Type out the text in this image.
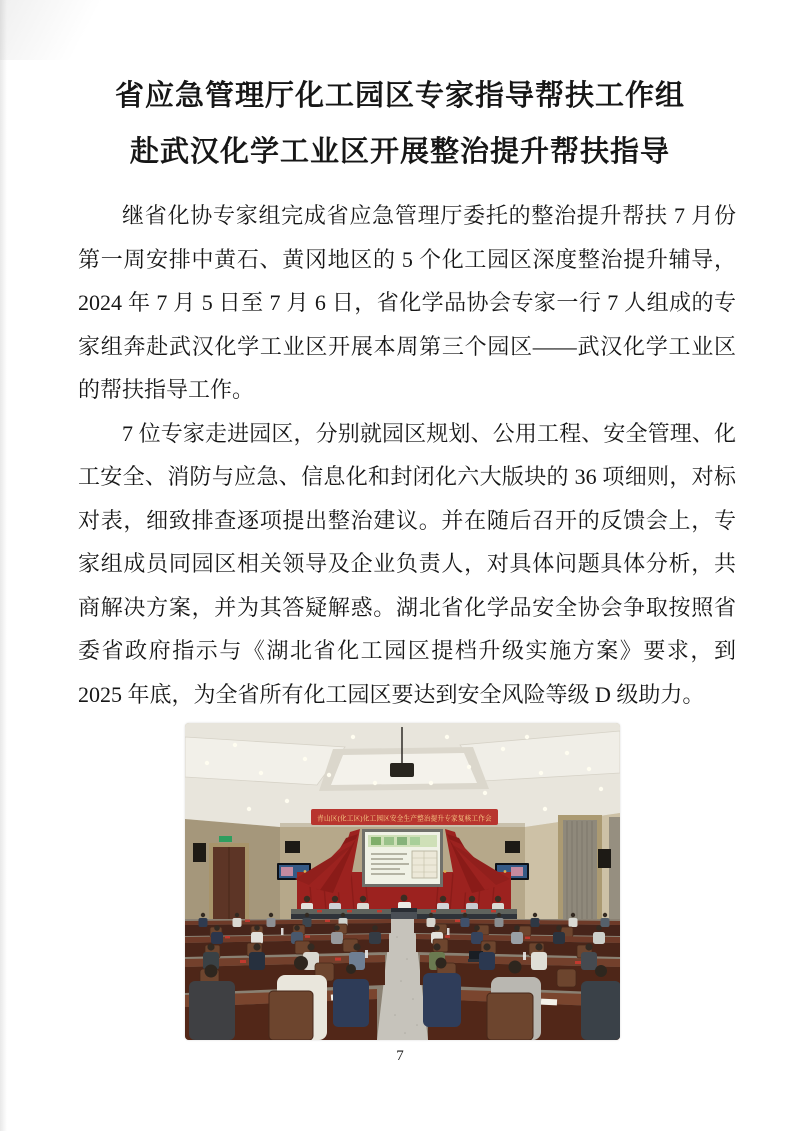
省应急管理厅化工园区专家指导帮扶工作组
赴武汉化学工业区开展整治提升帮扶指导

继省化协专家组完成省应急管理厅委托的整治提升帮扶 7 月份第一周安排中黄石、黄冈地区的 5 个化工园区深度整治提升辅导，2024 年 7 月 5 日至 7 月 6 日，省化学品协会专家一行 7 人组成的专家组奔赴武汉化学工业区开展本周第三个园区——武汉化学工业区的帮扶指导工作。

7 位专家走进园区，分别就园区规划、公用工程、安全管理、化工安全、消防与应急、信息化和封闭化六大版块的 36 项细则，对标对表，细致排查逐项提出整治建议。并在随后召开的反馈会上，专家组成员同园区相关领导及企业负责人，对具体问题具体分析，共商解决方案，并为其答疑解惑。湖北省化学品安全协会争取按照省委省政府指示与《湖北省化工园区提档升级实施方案》要求，到 2025 年底，为全省所有化工园区要达到安全风险等级 D 级助力。

青山区(化工区)化工园区安全生产整治提升专家复核工作会
7
